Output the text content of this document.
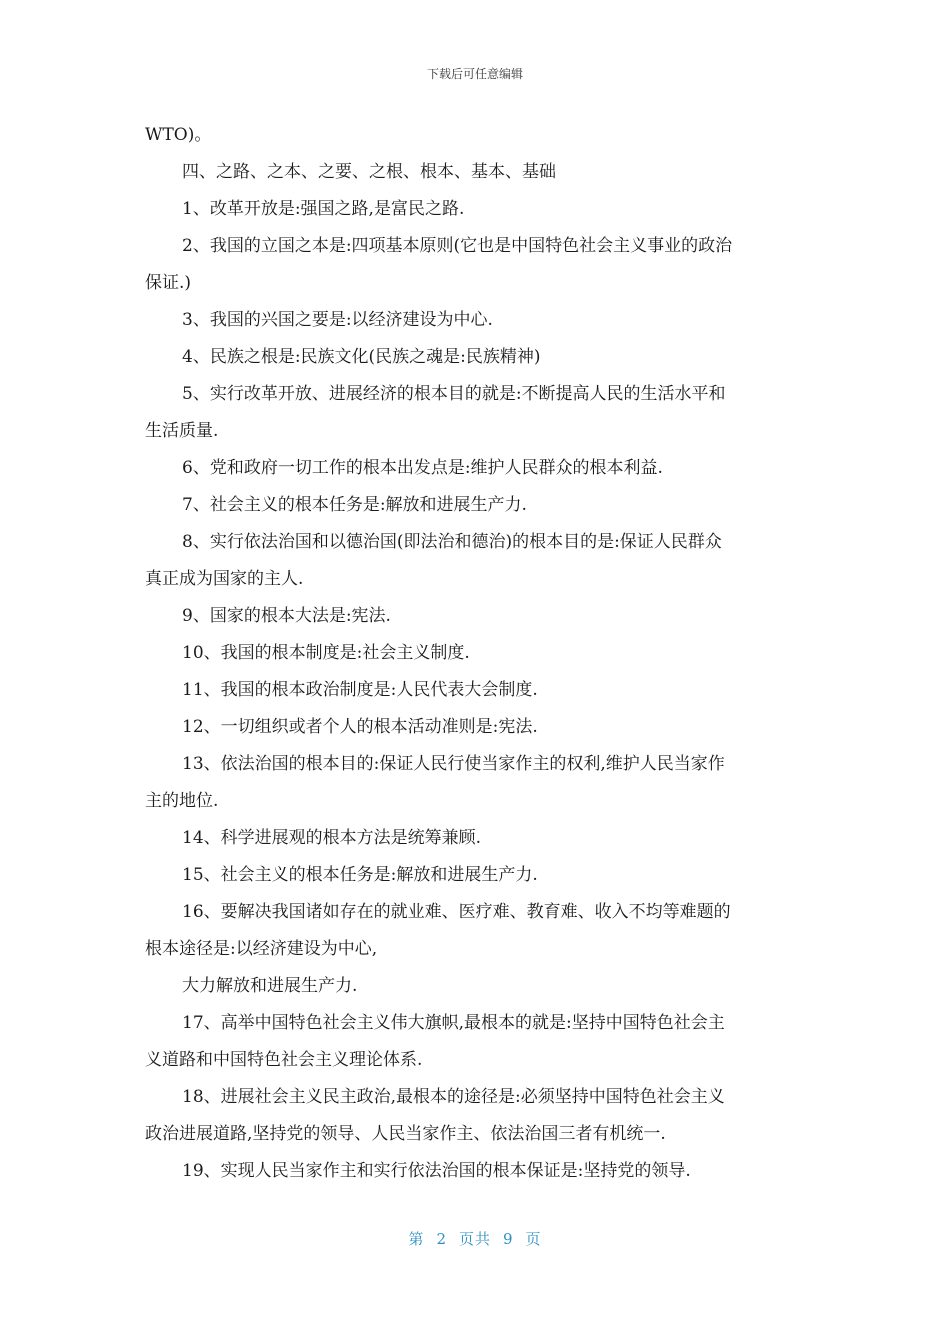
下载后可任意编辑
WTO)。
四、之路、之本、之要、之根、根本、基本、基础
1、改革开放是:强国之路,是富民之路.
2、我国的立国之本是:四项基本原则(它也是中国特色社会主义事业的政治
保证.)
3、我国的兴国之要是:以经济建设为中心.
4、民族之根是:民族文化(民族之魂是:民族精神)
5、实行改革开放、进展经济的根本目的就是:不断提高人民的生活水平和
生活质量.
6、党和政府一切工作的根本出发点是:维护人民群众的根本利益.
7、社会主义的根本任务是:解放和进展生产力.
8、实行依法治国和以德治国(即法治和德治)的根本目的是:保证人民群众
真正成为国家的主人.
9、国家的根本大法是:宪法.
10、我国的根本制度是:社会主义制度.
11、我国的根本政治制度是:人民代表大会制度.
12、一切组织或者个人的根本活动准则是:宪法.
13、依法治国的根本目的:保证人民行使当家作主的权利,维护人民当家作
主的地位.
14、科学进展观的根本方法是统筹兼顾.
15、社会主义的根本任务是:解放和进展生产力.
16、要解决我国诸如存在的就业难、医疗难、教育难、收入不均等难题的
根本途径是:以经济建设为中心,
大力解放和进展生产力.
17、高举中国特色社会主义伟大旗帜,最根本的就是:坚持中国特色社会主
义道路和中国特色社会主义理论体系.
18、进展社会主义民主政治,最根本的途径是:必须坚持中国特色社会主义
政治进展道路,坚持党的领导、人民当家作主、依法治国三者有机统一.
19、实现人民当家作主和实行依法治国的根本保证是:坚持党的领导.
第 2 页共 9 页
